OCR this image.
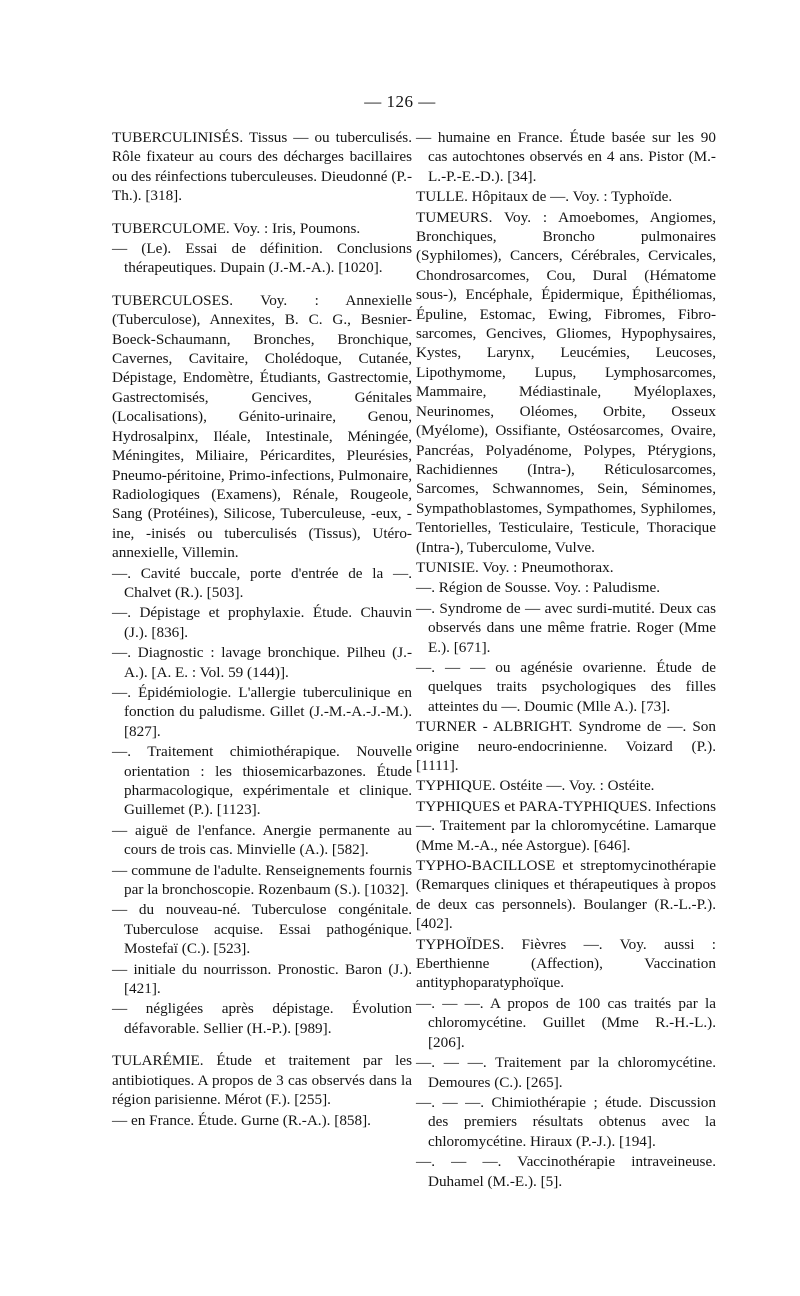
— 126 —

TUBERCULINISÉS. Tissus — ou tuberculisés. Rôle fixateur au cours des décharges bacillaires ou des réinfections tuberculeuses. Dieudonné (P.-Th.). [318].

TUBERCULOME. Voy. : Iris, Poumons.

— (Le). Essai de définition. Conclusions thérapeutiques. Dupain (J.-M.-A.). [1020].

TUBERCULOSES. Voy. : Annexielle (Tuberculose), Annexites, B. C. G., Besnier-Boeck-Schaumann, Bronches, Bronchique, Cavernes, Cavitaire, Cholédoque, Cutanée, Dépistage, Endomètre, Étudiants, Gastrectomie, Gastrectomisés, Gencives, Génitales (Localisations), Génito-urinaire, Genou, Hydrosalpinx, Iléale, Intestinale, Méningée, Méningites, Miliaire, Péricardites, Pleurésies, Pneumo-péritoine, Primo-infections, Pulmonaire, Radiologiques (Examens), Rénale, Rougeole, Sang (Protéines), Silicose, Tuberculeuse, -eux, -ine, -inisés ou tuberculisés (Tissus), Utéro-annexielle, Villemin.

—. Cavité buccale, porte d'entrée de la —. Chalvet (R.). [503].

—. Dépistage et prophylaxie. Étude. Chauvin (J.). [836].

—. Diagnostic : lavage bronchique. Pilheu (J.-A.). [A. E. : Vol. 59 (144)].

—. Épidémiologie. L'allergie tuberculinique en fonction du paludisme. Gillet (J.-M.-A.-J.-M.). [827].

—. Traitement chimiothérapique. Nouvelle orientation : les thiosemicarbazones. Étude pharmacologique, expérimentale et clinique. Guillemet (P.). [1123].

— aiguë de l'enfance. Anergie permanente au cours de trois cas. Minvielle (A.). [582].

— commune de l'adulte. Renseignements fournis par la bronchoscopie. Rozenbaum (S.). [1032].

— du nouveau-né. Tuberculose congénitale. Tuberculose acquise. Essai pathogénique. Mostefaï (C.). [523].

— initiale du nourrisson. Pronostic. Baron (J.). [421].

— négligées après dépistage. Évolution défavorable. Sellier (H.-P.). [989].

TULARÉMIE. Étude et traitement par les antibiotiques. A propos de 3 cas observés dans la région parisienne. Mérot (F.). [255].

— en France. Étude. Gurne (R.-A.). [858].

— humaine en France. Étude basée sur les 90 cas autochtones observés en 4 ans. Pistor (M.-L.-P.-E.-D.). [34].

TULLE. Hôpitaux de —. Voy. : Typhoïde.

TUMEURS. Voy. : Amoebomes, Angiomes, Bronchiques, Broncho pulmonaires (Syphilomes), Cancers, Cérébrales, Cervicales, Chondrosarcomes, Cou, Dural (Hématome sous-), Encéphale, Épidermique, Épithéliomas, Épuline, Estomac, Ewing, Fibromes, Fibro-sarcomes, Gencives, Gliomes, Hypophysaires, Kystes, Larynx, Leucémies, Leucoses, Lipothymome, Lupus, Lymphosarcomes, Mammaire, Médiastinale, Myéloplaxes, Neurinomes, Oléomes, Orbite, Osseux (Myélome), Ossifiante, Ostéosarcomes, Ovaire, Pancréas, Polyadénome, Polypes, Ptérygions, Rachidiennes (Intra-), Réticulosarcomes, Sarcomes, Schwannomes, Sein, Séminomes, Sympathoblastomes, Sympathomes, Syphilomes, Tentorielles, Testiculaire, Testicule, Thoracique (Intra-), Tuberculome, Vulve.

TUNISIE. Voy. : Pneumothorax.

—. Région de Sousse. Voy. : Paludisme.

—. Syndrome de — avec surdi-mutité. Deux cas observés dans une même fratrie. Roger (Mme E.). [671].

—. — — ou agénésie ovarienne. Étude de quelques traits psychologiques des filles atteintes du —. Doumic (Mlle A.). [73].

TURNER - ALBRIGHT. Syndrome de —. Son origine neuro-endocrinienne. Voizard (P.). [1111].

TYPHIQUE. Ostéite —. Voy. : Ostéite.

TYPHIQUES et PARA-TYPHIQUES. Infections —. Traitement par la chloromycétine. Lamarque (Mme M.-A., née Astorgue). [646].

TYPHO-BACILLOSE et streptomycinothérapie (Remarques cliniques et thérapeutiques à propos de deux cas personnels). Boulanger (R.-L.-P.). [402].

TYPHOÏDES. Fièvres —. Voy. aussi : Eberthienne (Affection), Vaccination antityphoparatyphoïque.

—. — —. A propos de 100 cas traités par la chloromycétine. Guillet (Mme R.-H.-L.). [206].

—. — —. Traitement par la chloromycétine. Demoures (C.). [265].

—. — —. Chimiothérapie ; étude. Discussion des premiers résultats obtenus avec la chloromycétine. Hiraux (P.-J.). [194].

—. — —. Vaccinothérapie intraveineuse. Duhamel (M.-E.). [5].
